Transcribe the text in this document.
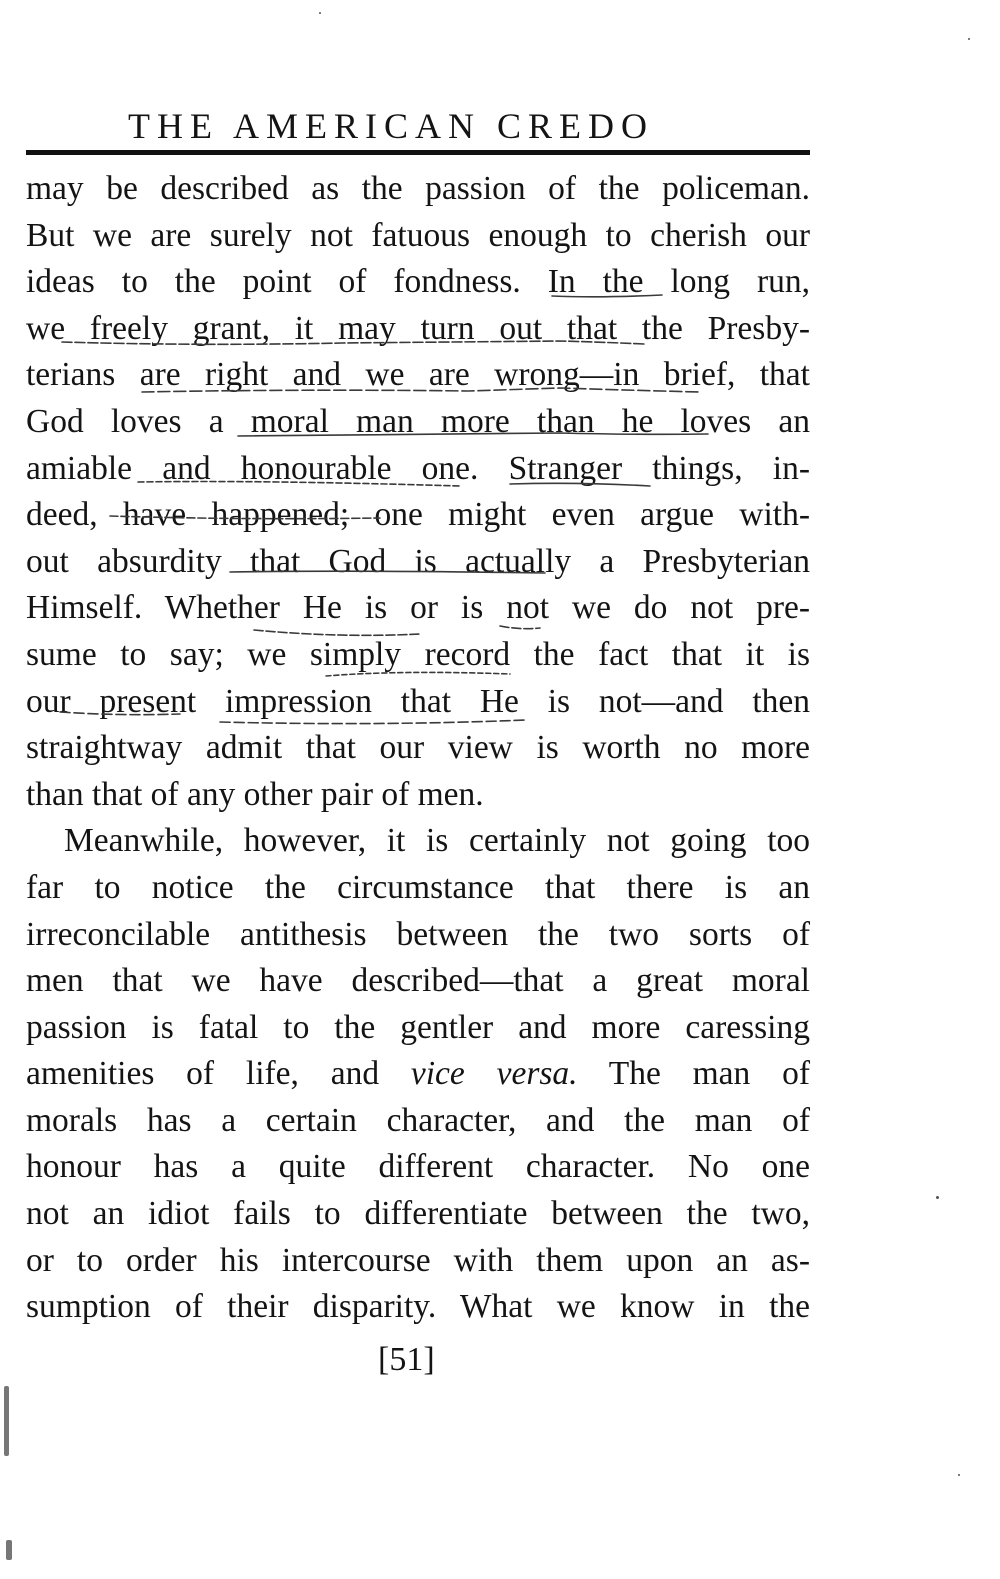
THE AMERICAN CREDO
may be described as the passion of the policeman.
But we are surely not fatuous enough to cherish our
ideas to the point of fondness. In the long run,
we freely grant, it may turn out that the Presby-
terians are right and we are wrong—in brief, that
God loves a moral man more than he loves an
amiable and honourable one. Stranger things, in-
deed, have happened; one might even argue with-
out absurdity that God is actually a Presbyterian
Himself. Whether He is or is not we do not pre-
sume to say; we simply record the fact that it is
our present impression that He is not—and then
straightway admit that our view is worth no more
than that of any other pair of men.
Meanwhile, however, it is certainly not going too
far to notice the circumstance that there is an
irreconcilable antithesis between the two sorts of
men that we have described—that a great moral
passion is fatal to the gentler and more caressing
amenities of life, and vice versa. The man of
morals has a certain character, and the man of
honour has a quite different character. No one
not an idiot fails to differentiate between the two,
or to order his intercourse with them upon an as-
sumption of their disparity. What we know in the
[51]
